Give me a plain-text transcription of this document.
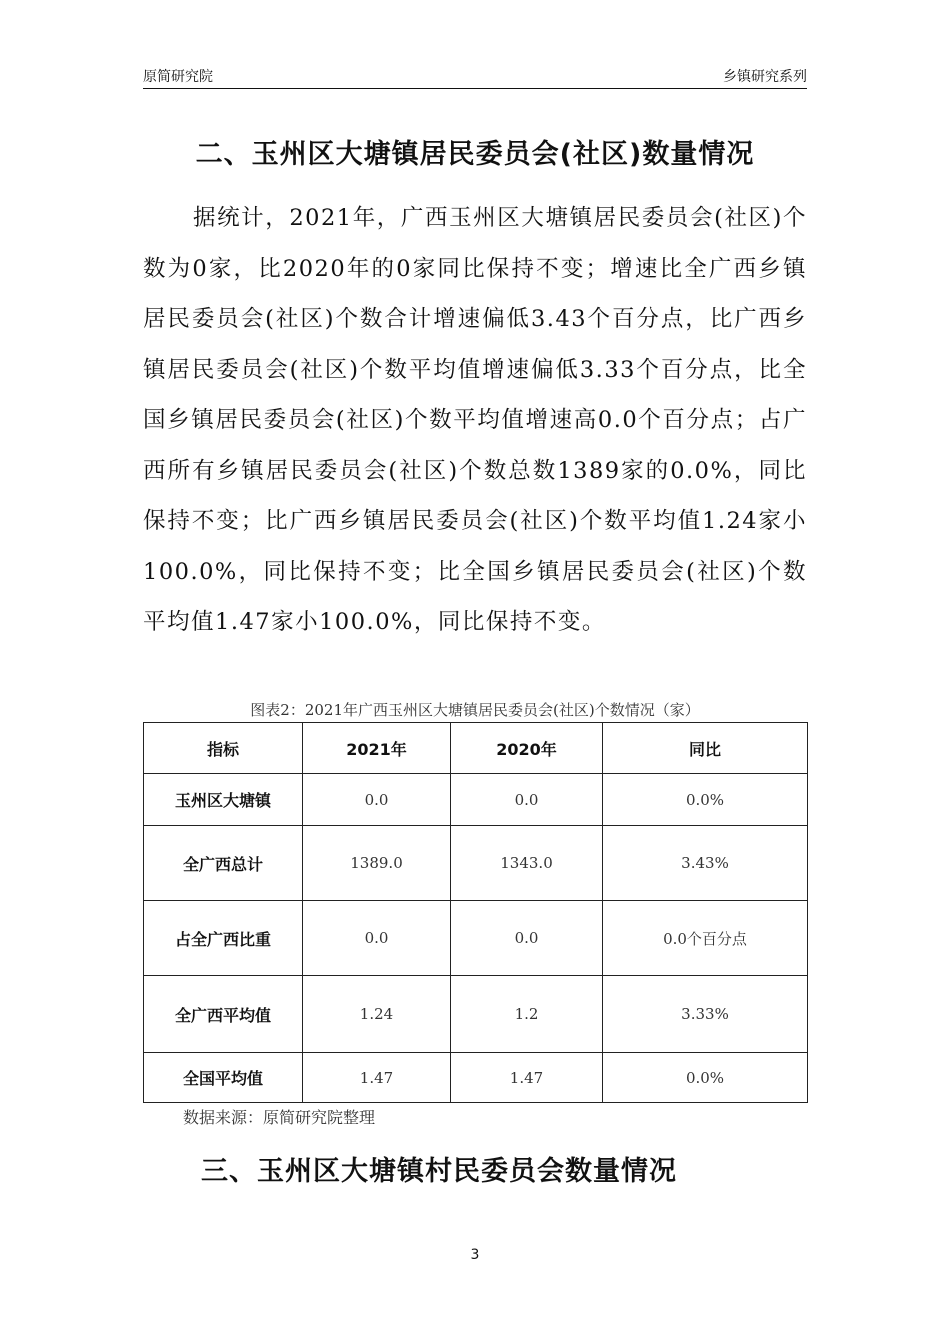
原简研究院	乡镇研究系列
二、玉州区大塘镇居民委员会(社区)数量情况
据统计，2021年，广西玉州区大塘镇居民委员会(社区)个数为0家，比2020年的0家同比保持不变；增速比全广西乡镇居民委员会(社区)个数合计增速偏低3.43个百分点，比广西乡镇居民委员会(社区)个数平均值增速偏低3.33个百分点，比全国乡镇居民委员会(社区)个数平均值增速高0.0个百分点；占广西所有乡镇居民委员会(社区)个数总数1389家的0.0%，同比保持不变；比广西乡镇居民委员会(社区)个数平均值1.24家小100.0%，同比保持不变；比全国乡镇居民委员会(社区)个数平均值1.47家小100.0%，同比保持不变。
图表2：2021年广西玉州区大塘镇居民委员会(社区)个数情况（家）
指标	2021年	2020年	同比
玉州区大塘镇	0.0	0.0	0.0%
全广西总计	1389.0	1343.0	3.43%
占全广西比重	0.0	0.0	0.0个百分点
全广西平均值	1.24	1.2	3.33%
全国平均值	1.47	1.47	0.0%
数据来源：原简研究院整理
三、玉州区大塘镇村民委员会数量情况
3
